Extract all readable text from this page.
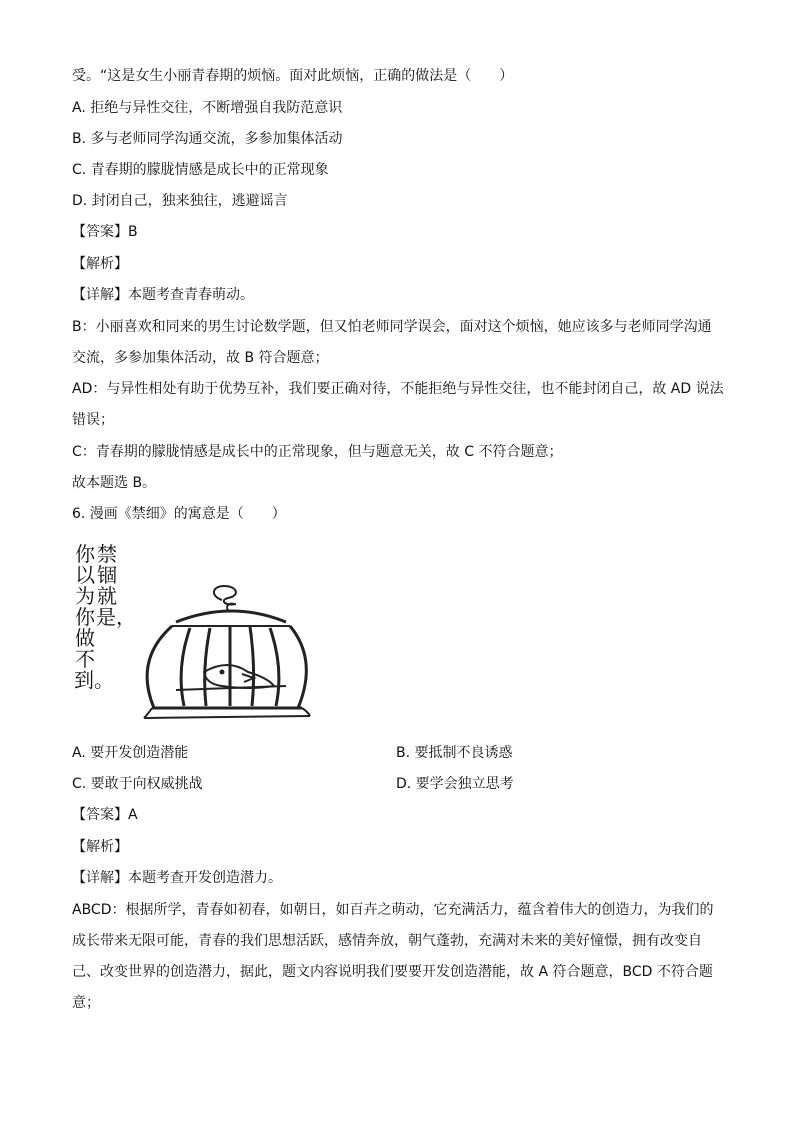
受。“这是女生小丽青春期的烦恼。面对此烦恼，正确的做法是（　　）
A. 拒绝与异性交往，不断增强自我防范意识
B. 多与老师同学沟通交流，多参加集体活动
C. 青春期的朦胧情感是成长中的正常现象
D. 封闭自己，独来独往，逃避谣言
【答案】B
【解析】
【详解】本题考查青春萌动。
B：小丽喜欢和同来的男生讨论数学题，但又怕老师同学误会，面对这个烦恼，她应该多与老师同学沟通
交流，多参加集体活动，故 B 符合题意；
AD：与异性相处有助于优势互补，我们要正确对待，不能拒绝与异性交往，也不能封闭自己，故 AD 说法
错误；
C：青春期的朦胧情感是成长中的正常现象，但与题意无关，故 C 不符合题意；
故本题选 B。
6. 漫画《禁细》的寓意是（　　）
禁锢就是，
你以为你做不到。
A. 要开发创造潜能	B. 要抵制不良诱惑
C. 要敢于向权威挑战	D. 要学会独立思考
【答案】A
【解析】
【详解】本题考查开发创造潜力。
ABCD：根据所学，青春如初春，如朝日，如百卉之萌动，它充满活力，蕴含着伟大的创造力，为我们的
成长带来无限可能，青春的我们思想活跃，感情奔放，朝气蓬勃，充满对未来的美好憧憬，拥有改变自
己、改变世界的创造潜力，据此，题文内容说明我们要要开发创造潜能，故 A 符合题意，BCD 不符合题
意；
